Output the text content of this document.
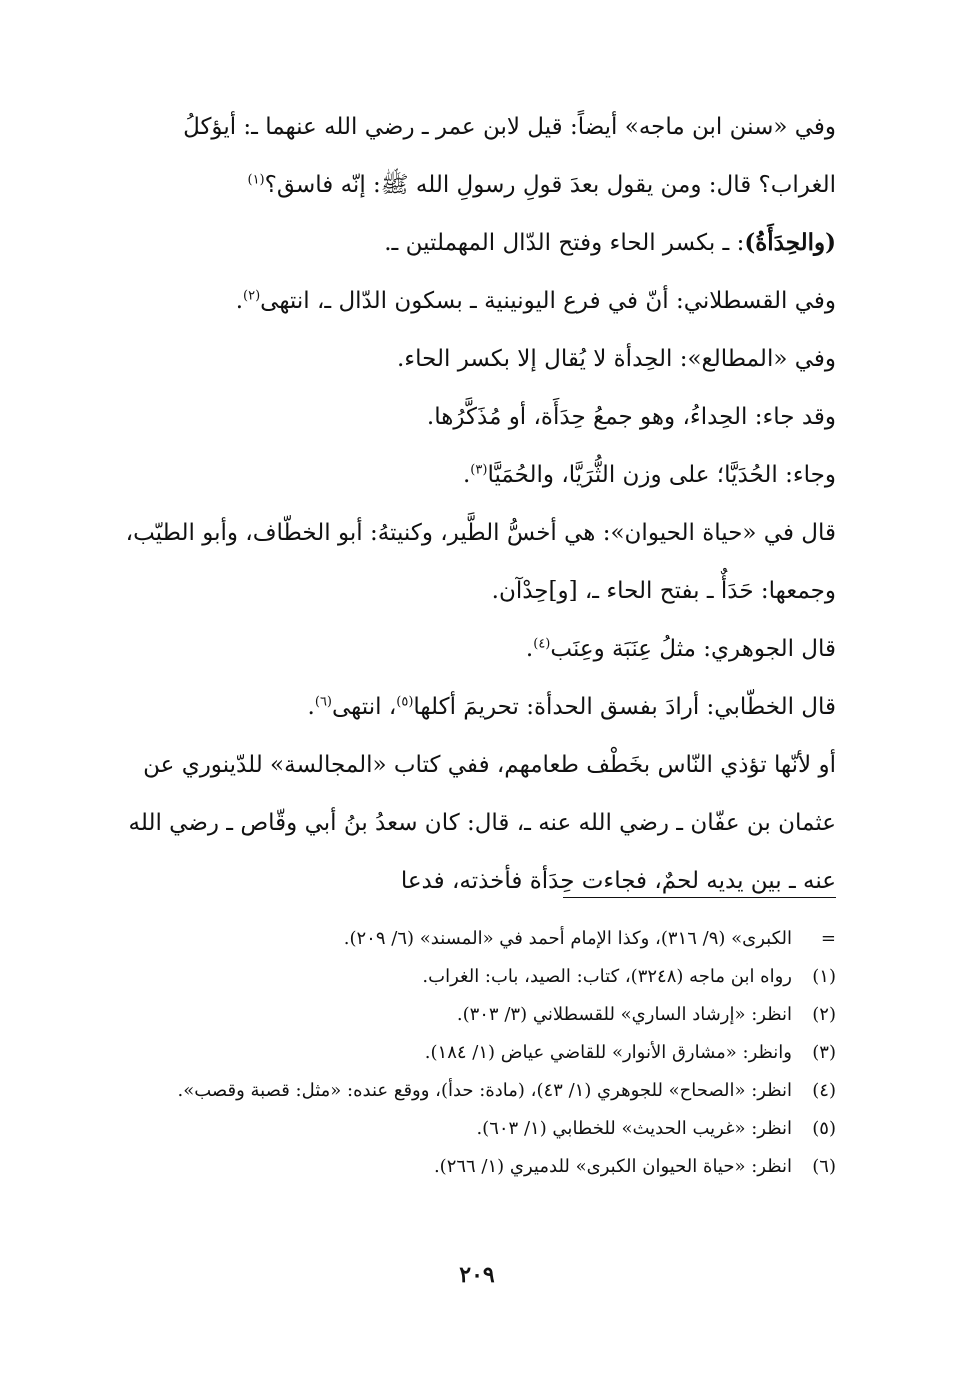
وفي «سنن ابن ماجه» أيضاً: قيل لابن عمر ـ رضي الله عنهما ـ: أيؤكلُ الغراب؟ قال: ومن يقول بعدَ قولِ رسولِ الله ﷺ: إنّه فاسق؟$^{(١)}$

(والحِدَأَةُ): ـ بكسر الحاء وفتح الدّال المهملتين ـ.

وفي القسطلاني: أنّ في فرع اليونينية ـ بسكون الدّال ـ، انتهى$^{(٢)}$.

وفي «المطالع»: الحِدأة لا يُقال إلا بكسر الحاء.

وقد جاء: الحِداءُ، وهو جمعُ حِدَأَة، أو مُذَكَّرُها.

وجاء: الحُدَيَّا؛ على وزن الثُّرَيَّا، والحُمَيَّا$^{(٣)}$.

قال في «حياة الحيوان»: هي أخسُّ الطَّير، وكنيتهُ: أبو الخطّاف، وأبو الطيّب، وجمعها: حَدَأٌ ـ بفتح الحاء ـ، [و]حِدْآن.

قال الجوهري: مثلُ عِنَبَة وعِنَب$^{(٤)}$.

قال الخطّابي: أرادَ بفسق الحدأة: تحريمَ أكلها$^{(٥)}$، انتهى$^{(٦)}$.

أو لأنّها تؤذي النّاس بخَطْف طعامهم، ففي كتاب «المجالسة» للدّينوري عن عثمان بن عفّان ـ رضي الله عنه ـ، قال: كان سعدُ بنُ أبي وقّاص ـ رضي الله عنه ـ بين يديه لحمٌ، فجاءت حِدَأة فأخذته، فدعا

=
الكبرى» (٩/ ٣١٦)، وكذا الإمام أحمد في «المسند» (٦/ ٢٠٩).
(١)
رواه ابن ماجه (٣٢٤٨)، كتاب: الصيد، باب: الغراب.
(٢)
انظر: «إرشاد الساري» للقسطلاني (٣/ ٣٠٣).
(٣)
وانظر: «مشارق الأنوار» للقاضي عياض (١/ ١٨٤).
(٤)
انظر: «الصحاح» للجوهري (١/ ٤٣)، (مادة: حدأ)، ووقع عنده: «مثل: قصبة وقصب».
(٥)
انظر: «غريب الحديث» للخطابي (١/ ٦٠٣).
(٦)
انظر: «حياة الحيوان الكبرى» للدميري (١/ ٢٦٦).
٢٠٩
